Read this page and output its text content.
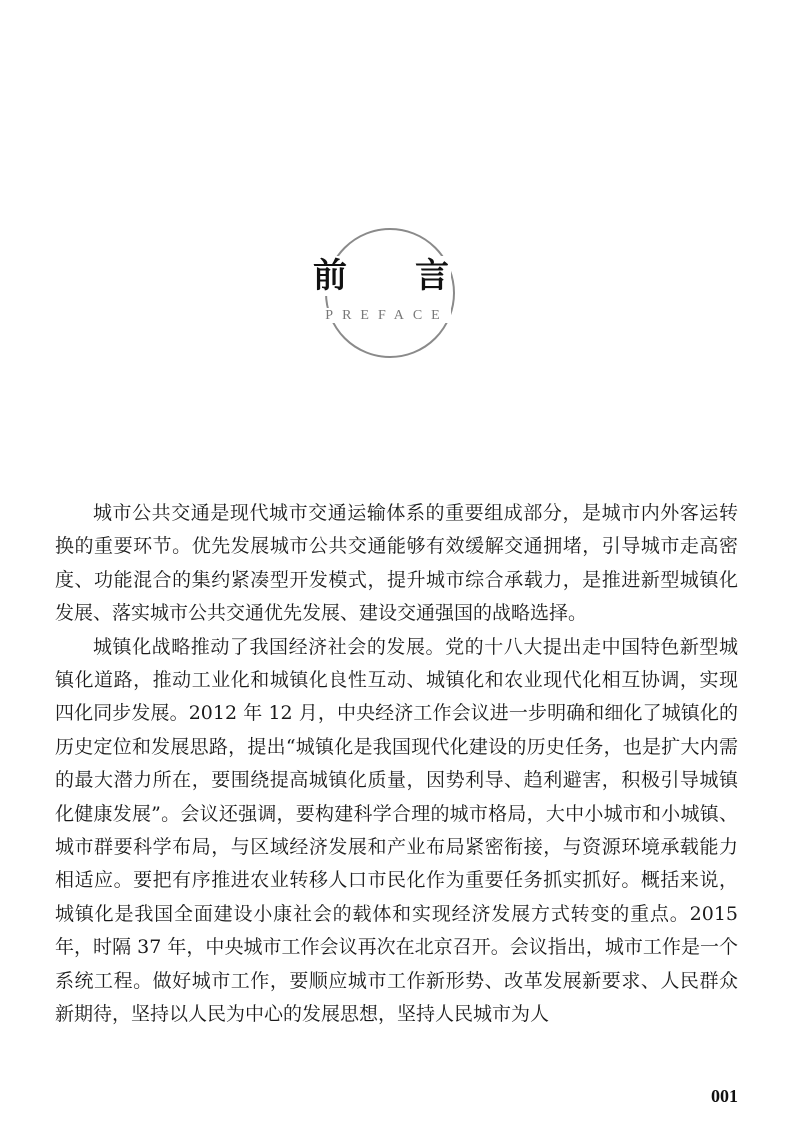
前 言
PREFACE

城市公共交通是现代城市交通运输体系的重要组成部分，是城市内外客运转换的重要环节。优先发展城市公共交通能够有效缓解交通拥堵，引导城市走高密度、功能混合的集约紧凑型开发模式，提升城市综合承载力，是推进新型城镇化发展、落实城市公共交通优先发展、建设交通强国的战略选择。

城镇化战略推动了我国经济社会的发展。党的十八大提出走中国特色新型城镇化道路，推动工业化和城镇化良性互动、城镇化和农业现代化相互协调，实现四化同步发展。2012 年 12 月，中央经济工作会议进一步明确和细化了城镇化的历史定位和发展思路，提出“城镇化是我国现代化建设的历史任务，也是扩大内需的最大潜力所在，要围绕提高城镇化质量，因势利导、趋利避害，积极引导城镇化健康发展”。会议还强调，要构建科学合理的城市格局，大中小城市和小城镇、城市群要科学布局，与区域经济发展和产业布局紧密衔接，与资源环境承载能力相适应。要把有序推进农业转移人口市民化作为重要任务抓实抓好。概括来说，城镇化是我国全面建设小康社会的载体和实现经济发展方式转变的重点。2015 年，时隔 37 年，中央城市工作会议再次在北京召开。会议指出，城市工作是一个系统工程。做好城市工作，要顺应城市工作新形势、改革发展新要求、人民群众新期待，坚持以人民为中心的发展思想，坚持人民城市为人

001
